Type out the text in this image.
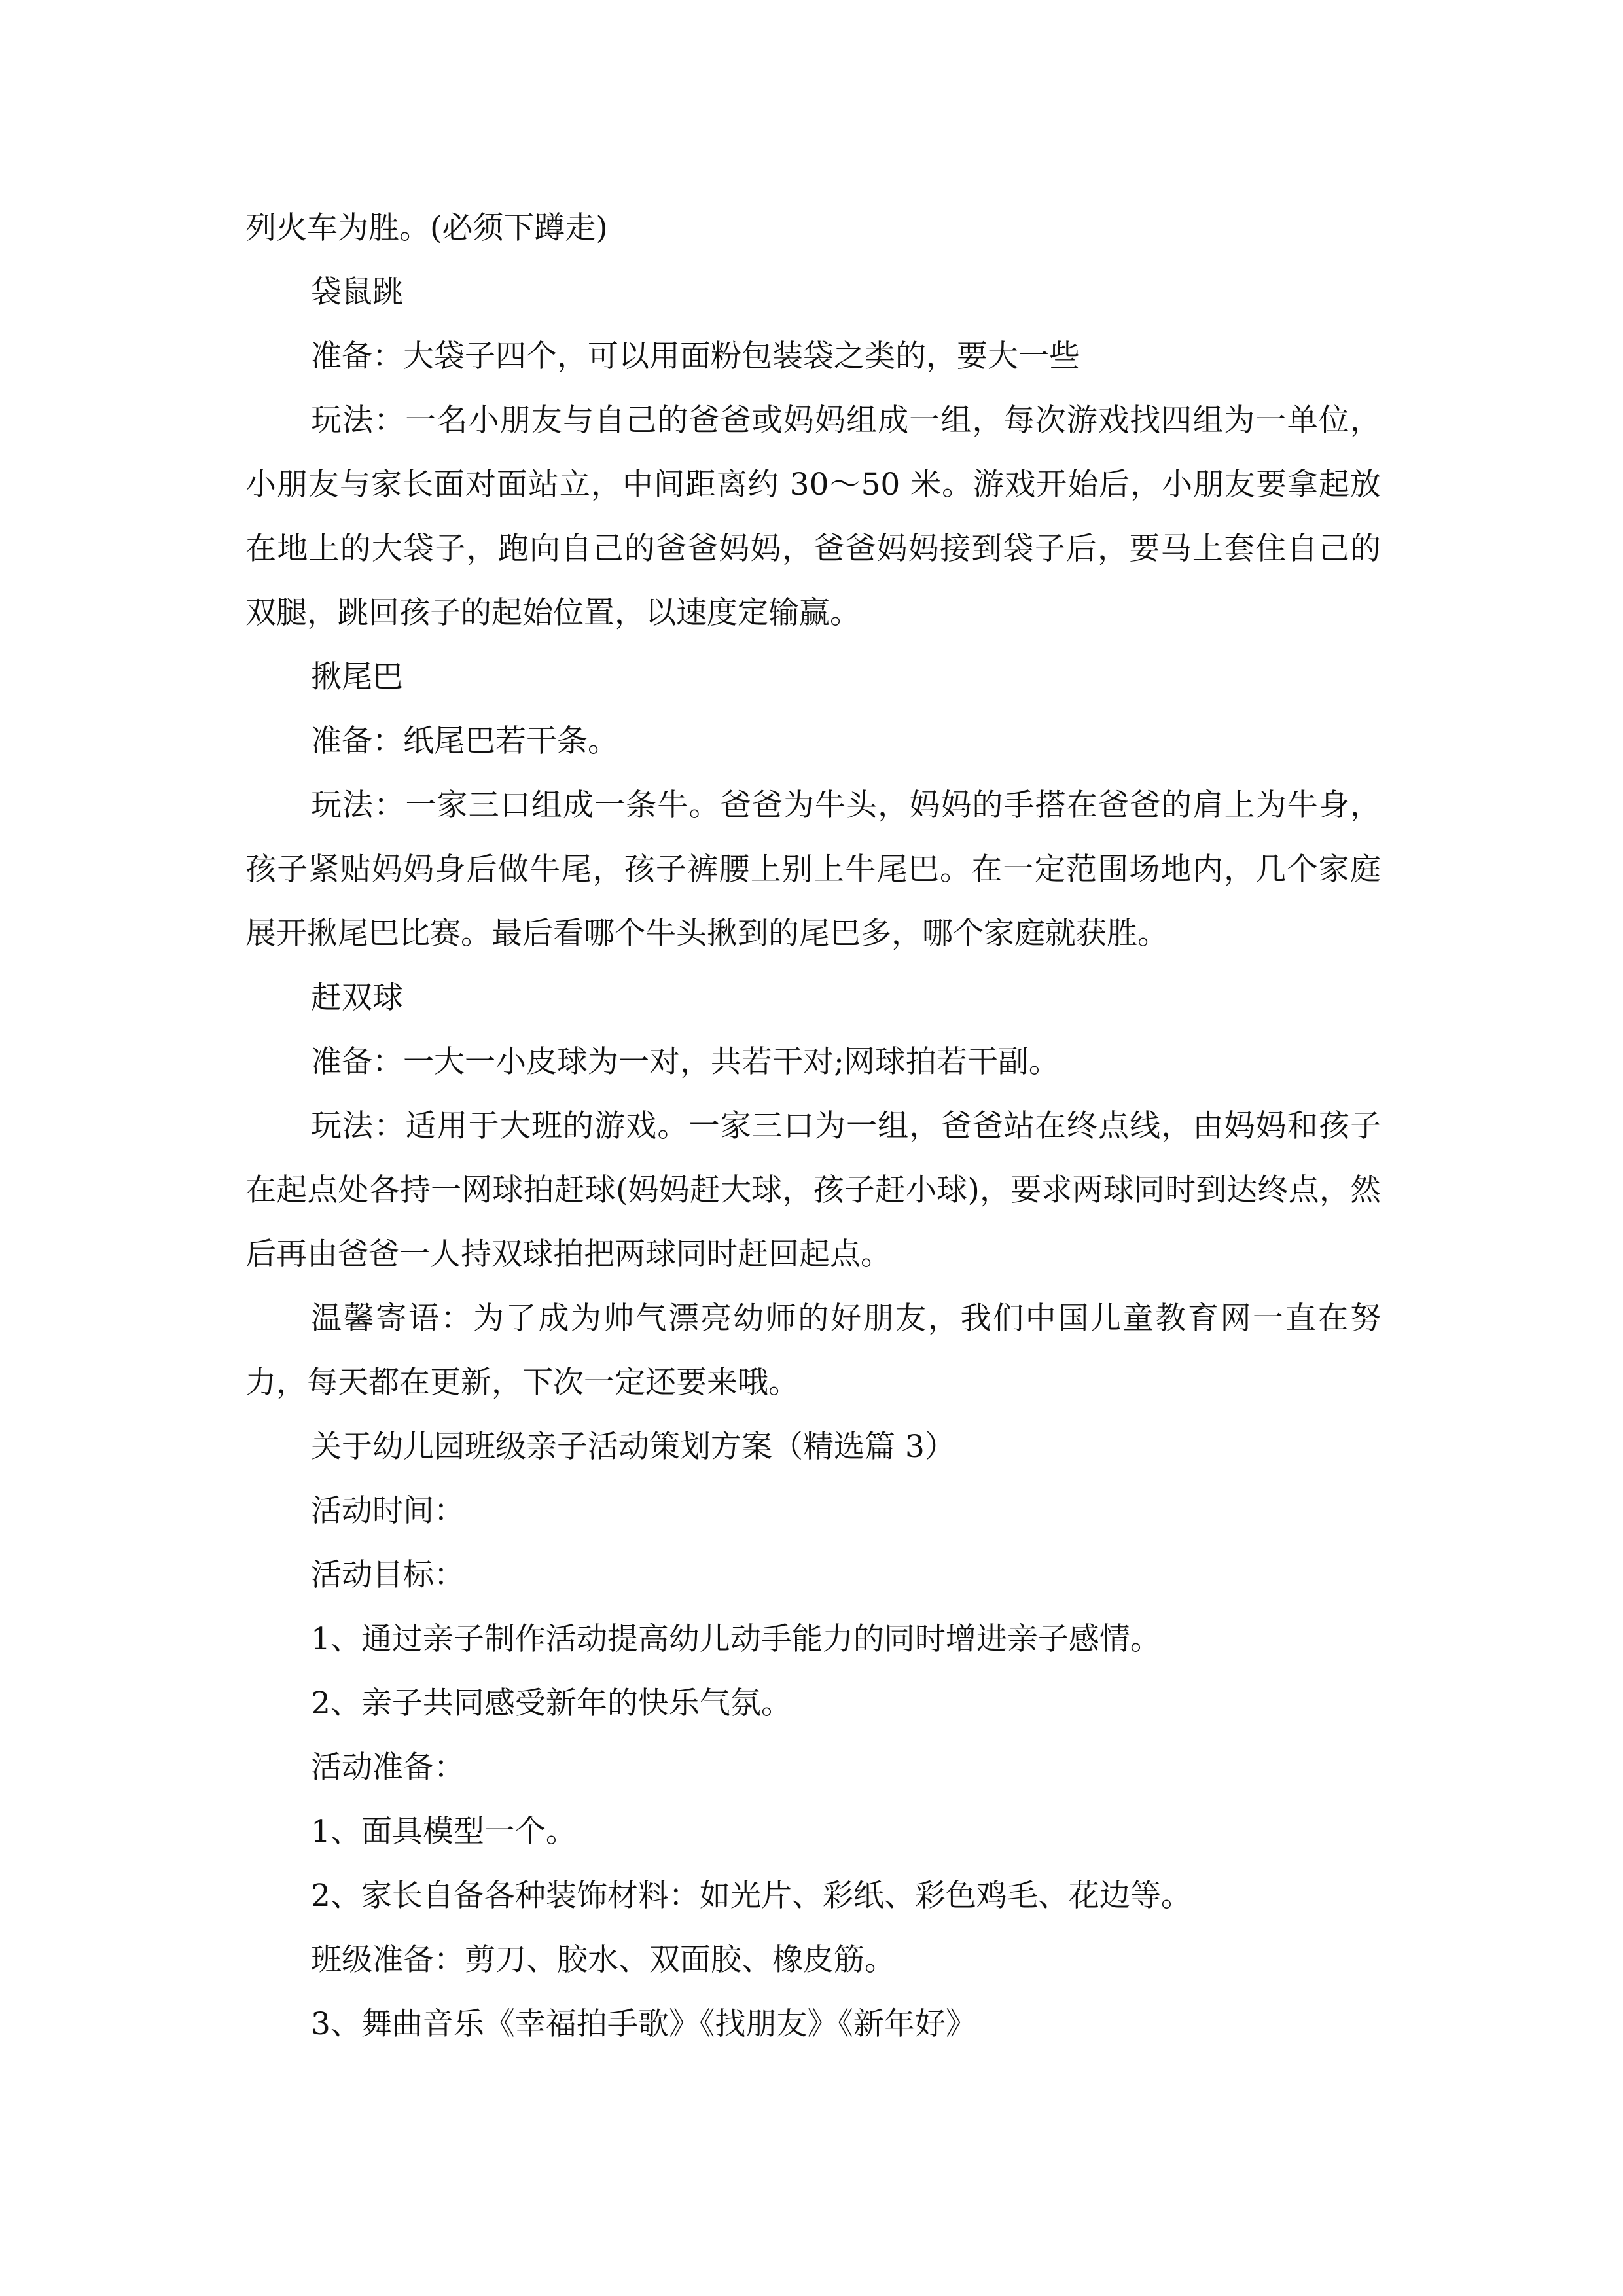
列火车为胜。(必须下蹲走)

袋鼠跳

准备：大袋子四个，可以用面粉包装袋之类的，要大一些

玩法：一名小朋友与自己的爸爸或妈妈组成一组，每次游戏找四组为一单位，小朋友与家长面对面站立，中间距离约 30～50 米。游戏开始后，小朋友要拿起放在地上的大袋子，跑向自己的爸爸妈妈，爸爸妈妈接到袋子后，要马上套住自己的双腿，跳回孩子的起始位置，以速度定输赢。

揪尾巴

准备：纸尾巴若干条。

玩法：一家三口组成一条牛。爸爸为牛头，妈妈的手搭在爸爸的肩上为牛身，孩子紧贴妈妈身后做牛尾，孩子裤腰上别上牛尾巴。在一定范围场地内，几个家庭展开揪尾巴比赛。最后看哪个牛头揪到的尾巴多，哪个家庭就获胜。

赶双球

准备：一大一小皮球为一对，共若干对;网球拍若干副。

玩法：适用于大班的游戏。一家三口为一组，爸爸站在终点线，由妈妈和孩子在起点处各持一网球拍赶球(妈妈赶大球，孩子赶小球)，要求两球同时到达终点，然后再由爸爸一人持双球拍把两球同时赶回起点。

温馨寄语：为了成为帅气漂亮幼师的好朋友，我们中国儿童教育网一直在努力，每天都在更新，下次一定还要来哦。

关于幼儿园班级亲子活动策划方案（精选篇 3）

活动时间：

活动目标：

1、通过亲子制作活动提高幼儿动手能力的同时增进亲子感情。

2、亲子共同感受新年的快乐气氛。

活动准备：

1、面具模型一个。

2、家长自备各种装饰材料：如光片、彩纸、彩色鸡毛、花边等。

班级准备：剪刀、胶水、双面胶、橡皮筋。

3、舞曲音乐《幸福拍手歌》《找朋友》《新年好》
